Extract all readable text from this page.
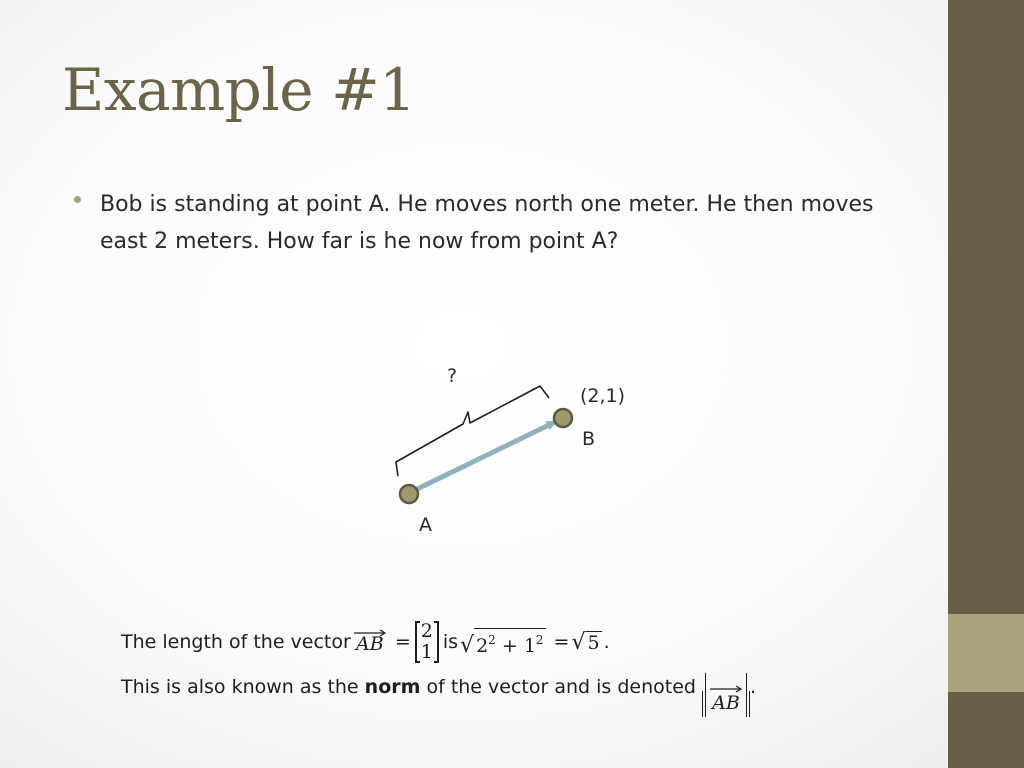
Example #1
Bob is standing at point A. He moves north one meter. He then moves east 2 meters. How far is he now from point A?
?
(2,1)
B
A
The length of the vector AB = 2
1 is √ $2^2 + 1^2$ = √ 5 .
This is also known as the norm of the vector and is denoted
AB
.
